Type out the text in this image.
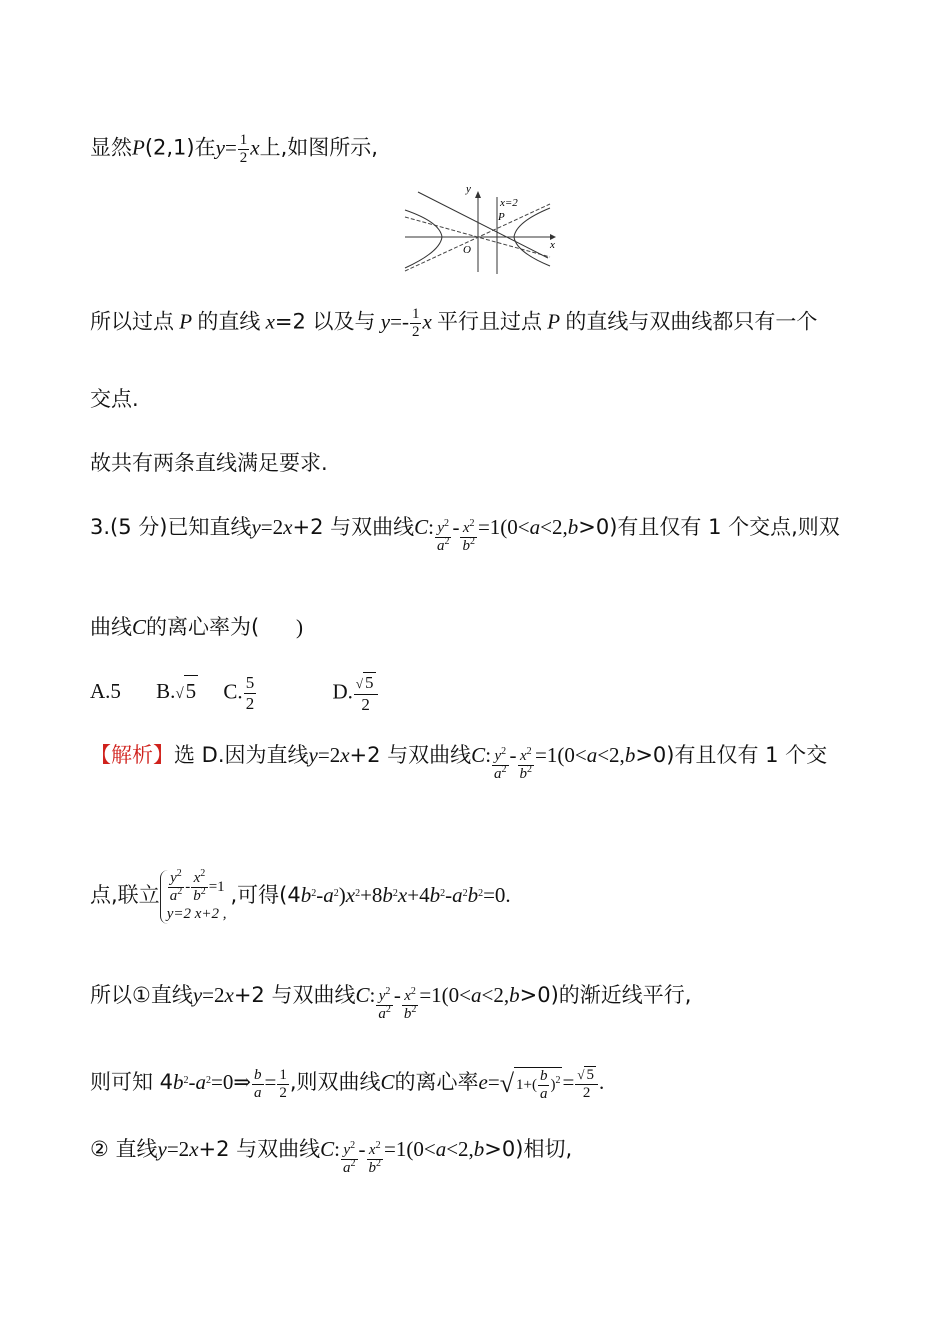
显然P(2,1)在$y= \frac{1}{2}$ x上,如图所示,
y
x
x=2
P
O
所以过点 P 的直线 x=2 以及与 $y=- \frac{1}{2}$ x 平行且过点 P 的直线与双曲线都只有一个
交点.
故共有两条直线满足要求.
3.(5 分)已知直线y=2x+2 与双曲线C: $\frac{y^2}{a^2} - \frac{x^2}{b^2} =1(0<a<2,b>0)$有且仅有 1 个交点,则双
曲线C的离心率为( )
A.5 B.√5 C. $\frac{5}{2}$	D. $\frac{√ 5}{2}$
【解析】选 D.因为直线y=2x+2 与双曲线C: $\frac{y^2}{a^2} - \frac{x^2}{b^2} =1(0<a<2,b>0)$有且仅有 1 个交
点,联立 $\frac{y^2}{a^2} - \frac{x^2}{b^2} =1$
y=2 x+2 ,
,可得$(4b^2-a^2)x^2+8b^2x+4b^2-a^2b^2=0$.
所以①直线y=2x+2 与双曲线C: $\frac{y^2}{a^2} - \frac{x^2}{b^2} =1(0<a<2,b>0)$的渐近线平行,
则可知 $4b^2-a^2=0\Rightarrow \frac{b}{a} = \frac{1}{2}$ ,则双曲线C的离心率e=√ $1+( \frac{b}{a} )^2= \frac{√ 5}{2}$ .
② 直线y=2x+2 与双曲线C: $\frac{y^2}{a^2} - \frac{x^2}{b^2} =1(0<a<2,b>0)$相切,
